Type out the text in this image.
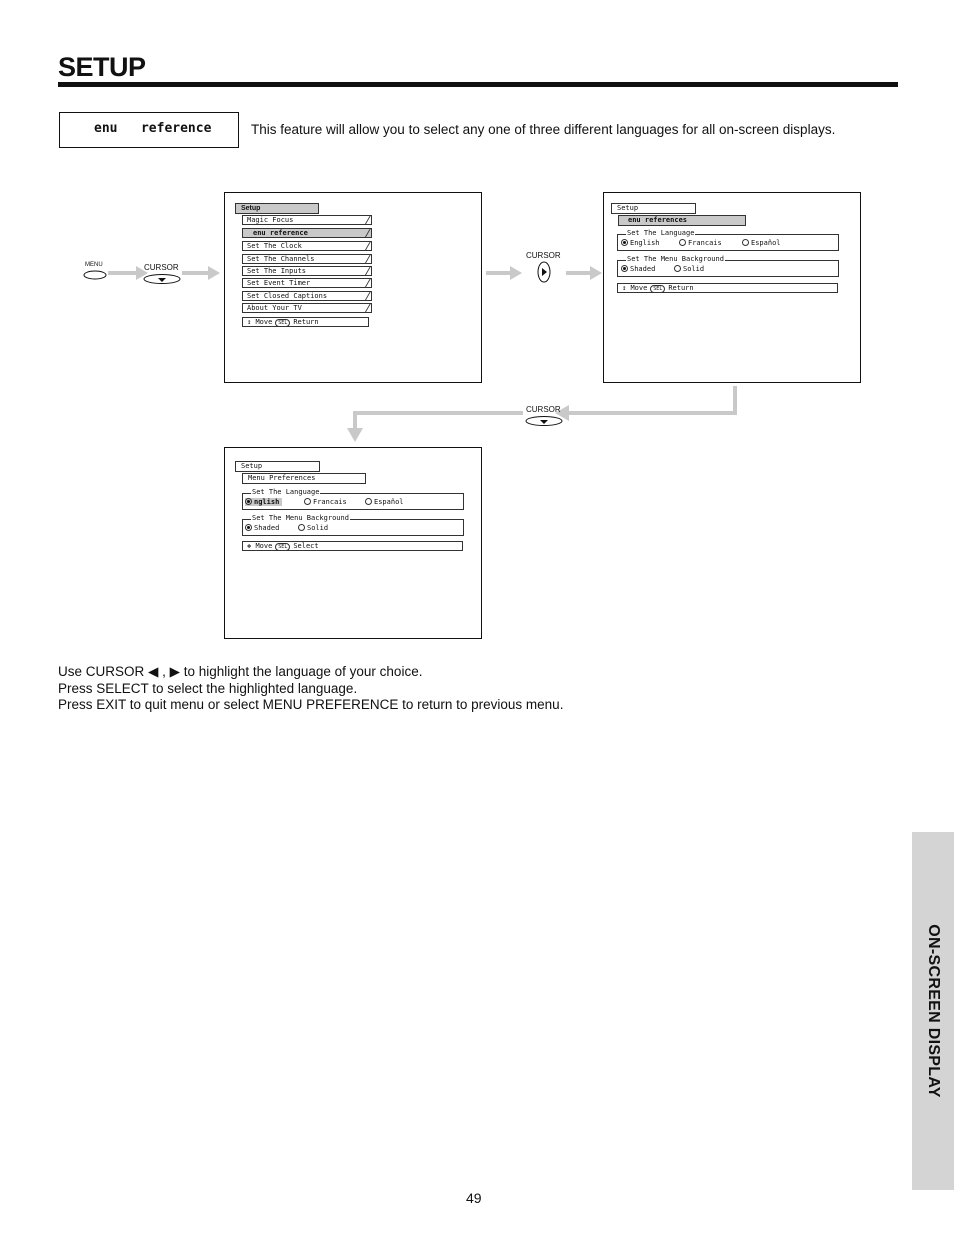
SETUP
enu   reference	This feature will allow you to select any one of three different languages for all on-screen displays.
MENU	CURSOR
Setup
Magic Focus
enu reference
Set The Clock
Set The Channels
Set The Inputs
Set Event Timer
Set Closed Captions
About Your TV
↕ Move SEL Return
CURSOR
Setup
enu references
Set The Language
English	Francais	Español
Set The Menu Background
Shaded	Solid
↕ Move SEL Return
CURSOR
Setup
Menu Preferences
Set The Language
nglish	Francais	Español
Set The Menu Background
Shaded	Solid
❖ Move SEL Select
Use CURSOR ◀ , ▶ to highlight the language of your choice.
Press SELECT to select the highlighted language.
Press EXIT to quit menu or select MENU PREFERENCE to return to previous menu.
ON-SCREEN DISPLAY
49
